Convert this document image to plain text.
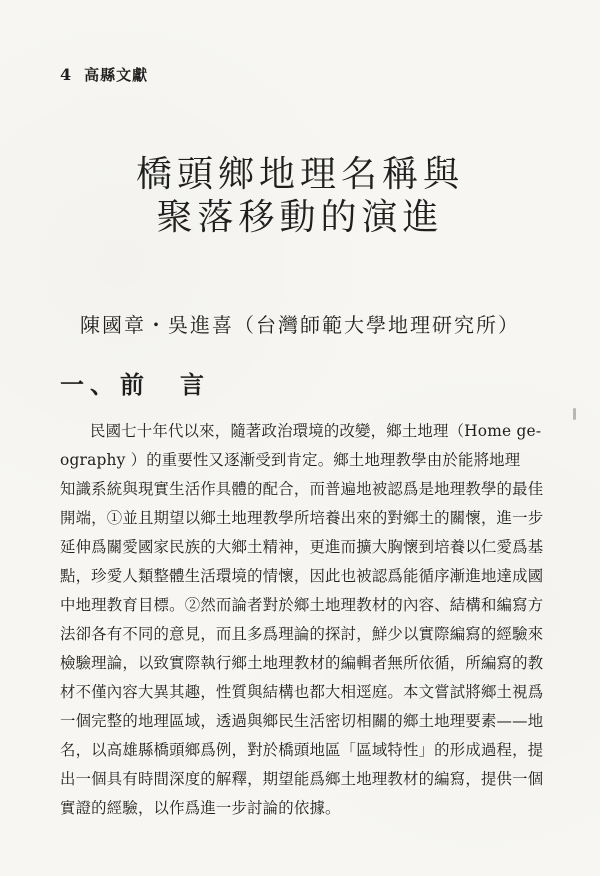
4 高縣文獻
橋頭鄉地理名稱與
聚落移動的演進
陳國章・吳進喜（台灣師範大學地理研究所）
一、前　言
民國七十年代以來，隨著政治環境的改變，鄉土地理（Home ge-
ography ）的重要性又逐漸受到肯定。鄉土地理教學由於能將地理
知識系統與現實生活作具體的配合，而普遍地被認爲是地理教學的最佳
開端，①並且期望以鄉土地理教學所培養出來的對鄉土的關懷，進一步
延伸爲關愛國家民族的大鄉土精神，更進而擴大胸懷到培養以仁愛爲基
點，珍愛人類整體生活環境的情懷，因此也被認爲能循序漸進地達成國
中地理教育目標。②然而論者對於鄉土地理教材的內容、結構和編寫方
法卻各有不同的意見，而且多爲理論的探討，鮮少以實際編寫的經驗來
檢驗理論，以致實際執行鄉土地理教材的編輯者無所依循，所編寫的教
材不僅內容大異其趣，性質與結構也都大相逕庭。本文嘗試將鄉土視爲
一個完整的地理區域，透過與鄉民生活密切相關的鄉土地理要素——地
名，以高雄縣橋頭鄉爲例，對於橋頭地區「區域特性」的形成過程，提
出一個具有時間深度的解釋，期望能爲鄉土地理教材的編寫，提供一個
實證的經驗，以作爲進一步討論的依據。
